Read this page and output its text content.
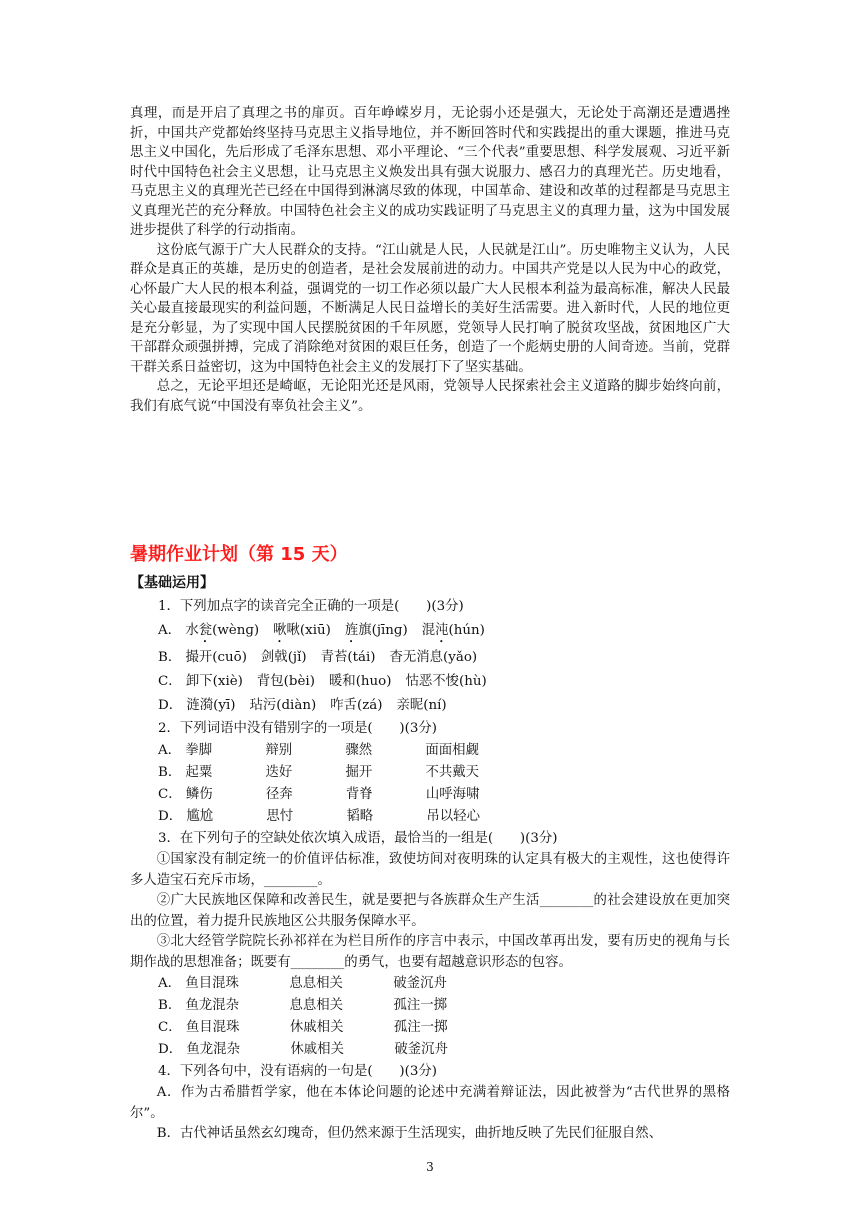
真理，而是开启了真理之书的扉页。百年峥嵘岁月，无论弱小还是强大，无论处于高潮还是遭遇挫折，中国共产党都始终坚持马克思主义指导地位，并不断回答时代和实践提出的重大课题，推进马克思主义中国化，先后形成了毛泽东思想、邓小平理论、“三个代表”重要思想、科学发展观、习近平新时代中国特色社会主义思想，让马克思主义焕发出具有强大说服力、感召力的真理光芒。历史地看，马克思主义的真理光芒已经在中国得到淋漓尽致的体现，中国革命、建设和改革的过程都是马克思主义真理光芒的充分释放。中国特色社会主义的成功实践证明了马克思主义的真理力量，这为中国发展进步提供了科学的行动指南。

这份底气源于广大人民群众的支持。“江山就是人民，人民就是江山”。历史唯物主义认为，人民群众是真正的英雄，是历史的创造者，是社会发展前进的动力。中国共产党是以人民为中心的政党，心怀最广大人民的根本利益，强调党的一切工作必须以最广大人民根本利益为最高标准，解决人民最关心最直接最现实的利益问题，不断满足人民日益增长的美好生活需要。进入新时代，人民的地位更是充分彰显，为了实现中国人民摆脱贫困的千年夙愿，党领导人民打响了脱贫攻坚战，贫困地区广大干部群众顽强拼搏，完成了消除绝对贫困的艰巨任务，创造了一个彪炳史册的人间奇迹。当前，党群干群关系日益密切，这为中国特色社会主义的发展打下了坚实基础。

总之，无论平坦还是崎岖，无论阳光还是风雨，党领导人民探索社会主义道路的脚步始终向前，我们有底气说“中国没有辜负社会主义”。

暑期作业计划（第 15 天）
【基础运用】

1．下列加点字的读音完全正确的一项是(　　)(3分)

A． 水瓮(wènɡ) 啾啾(xiū) 旌旗(jīnɡ) 混沌(hún)

B． 撮开(cuō) 剑戟(jǐ) 青苔(tái) 杳无消息(yǎo)

C． 卸下(xiè) 背包(bèi) 暖和(huo) 怙恶不悛(hù)

D． 涟漪(yī) 玷污(diàn) 咋舌(zá) 亲昵(ní)

2．下列词语中没有错别字的一项是(　　)(3分)

A． 拳脚	辩别	骤然	面面相觑

B． 起粟	迭好	掘开	不共戴天

C． 鳞伤	径奔	背脊	山呼海啸

D． 尴尬	思忖	韬略	吊以轻心

3．在下列句子的空缺处依次填入成语，最恰当的一组是(　　)(3分)

①国家没有制定统一的价值评估标准，致使坊间对夜明珠的认定具有极大的主观性，这也使得许多人造宝石充斥市场，________。

②广大民族地区保障和改善民生，就是要把与各族群众生产生活________的社会建设放在更加突出的位置，着力提升民族地区公共服务保障水平。

③北大经管学院院长孙祁祥在为栏目所作的序言中表示，中国改革再出发，要有历史的视角与长期作战的思想准备；既要有________的勇气，也要有超越意识形态的包容。

A． 鱼目混珠	息息相关	破釜沉舟

B． 鱼龙混杂	息息相关	孤注一掷

C． 鱼目混珠	休戚相关	孤注一掷

D． 鱼龙混杂	休戚相关	破釜沉舟

4．下列各句中，没有语病的一句是(　　)(3分)

A．作为古希腊哲学家，他在本体论问题的论述中充满着辩证法，因此被誉为“古代世界的黑格尔”。

B．古代神话虽然玄幻瑰奇，但仍然来源于生活现实，曲折地反映了先民们征服自然、

3
